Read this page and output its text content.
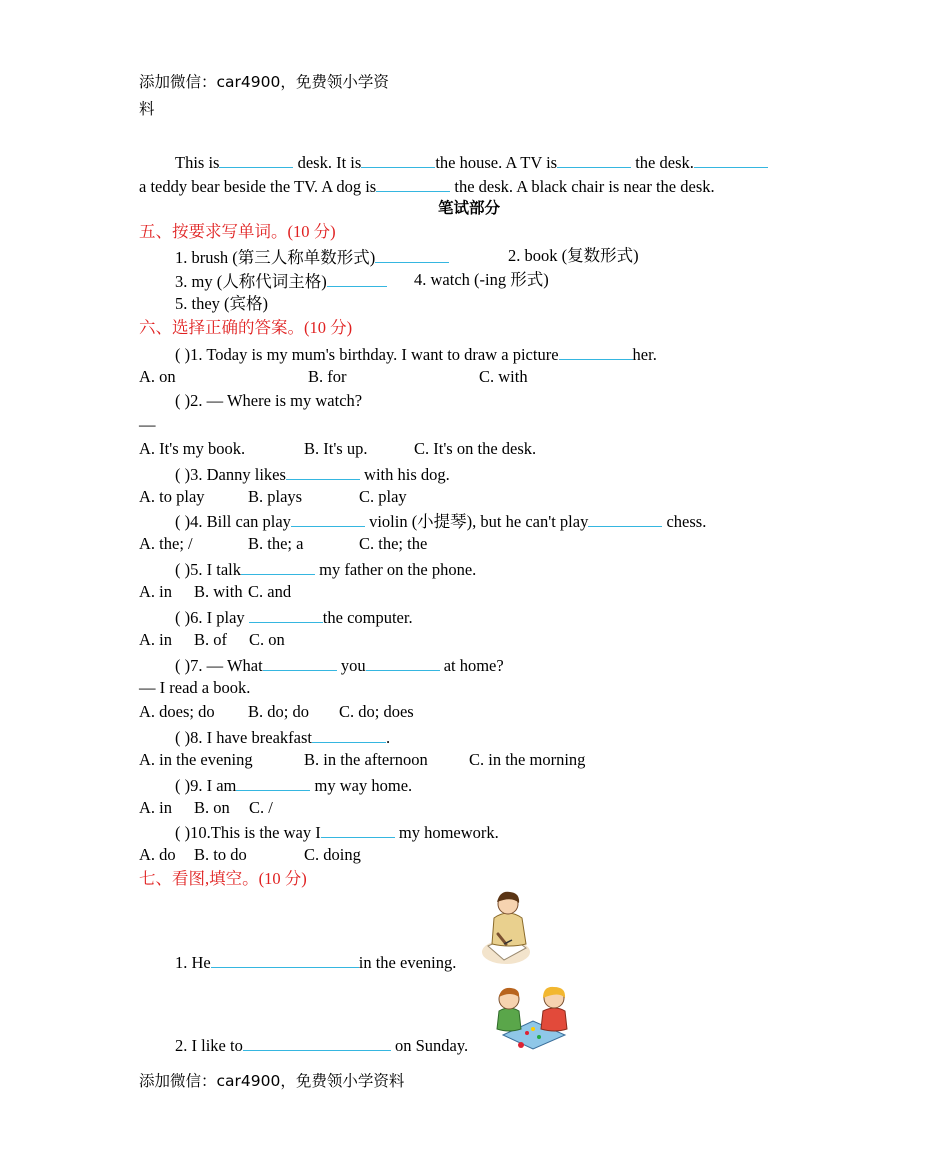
添加微信：car4900，免费领小学资
料
This is	desk. It is	the house. A TV is	the desk.
a teddy bear beside the TV. A dog is	the desk. A black chair is near the desk.
笔试部分
五、按要求写单词。(10 分)
1. brush (第三人称单数形式)	2. book (复数形式)
3. my (人称代词主格)	4. watch (-ing 形式)
5. they (宾格)
六、选择正确的答案。(10 分)
( )1. Today is my mum's birthday. I want to draw a picture	her.
A. on	B. for	C. with
( )2. — Where is my watch?
—
A. It's my book.	B. It's up.	C. It's on the desk.
( )3. Danny likes	with his dog.
A. to play	B. plays	C. play
( )4. Bill can play	violin (小提琴), but he can't play	chess.
A. the; /	B. the; a	C. the; the
( )5. I talk	my father on the phone.
A. in B. with C. and
( )6. I play	the computer.
A. in B. of C. on
( )7. — What	you	at home?
— I read a book.
A. does; do B. do; do C. do; does
( )8. I have breakfast	.
A. in the evening	B. in the afternoon	C. in the morning
( )9. I am	my way home.
A. in B. on C. /
( )10.This is the way I	my homework.
A. do B. to do	C. doing
七、看图,填空。(10 分)
1. He	in the evening.
2. I like to	on Sunday.
添加微信：car4900，免费领小学资料
